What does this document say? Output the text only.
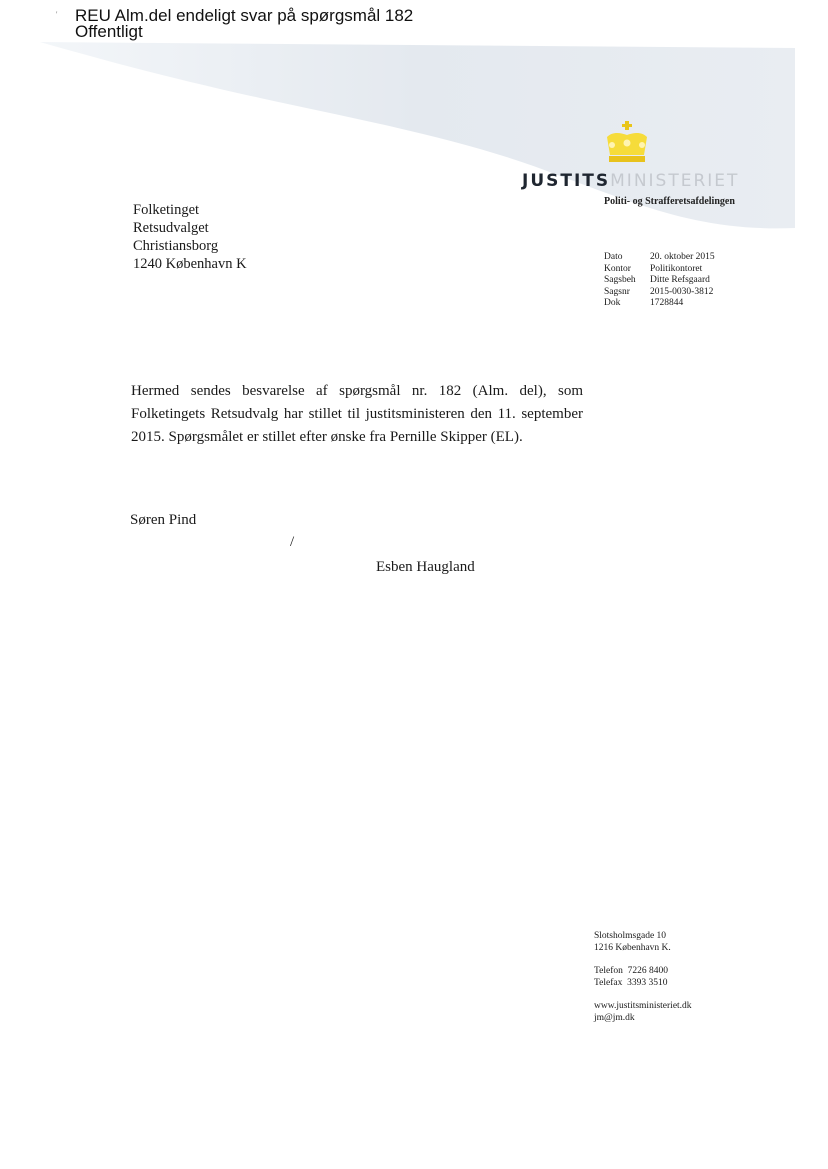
' REU Alm.del endeligt svar på spørgsmål 182
Offentligt
JUSTITSMINISTERIET
Politi- og Strafferetsafdelingen
Folketinget
Retsudvalget
Christiansborg
1240 København K	Dato	20. oktober 2015
Kontor	Politikontoret
Sagsbeh	Ditte Refsgaard
Sagsnr	2015-0030-3812
Dok	1728844
Hermed sendes besvarelse af spørgsmål nr. 182 (Alm. del), som Folketingets Retsudvalg har stillet til justitsministeren den 11. september 2015. Spørgsmålet er stillet efter ønske fra Pernille Skipper (EL).
Søren Pind
/
Esben Haugland
Slotsholmsgade 10
1216 København K.
Telefon 7226 8400
Telefax 3393 3510
www.justitsministeriet.dk
jm@jm.dk
